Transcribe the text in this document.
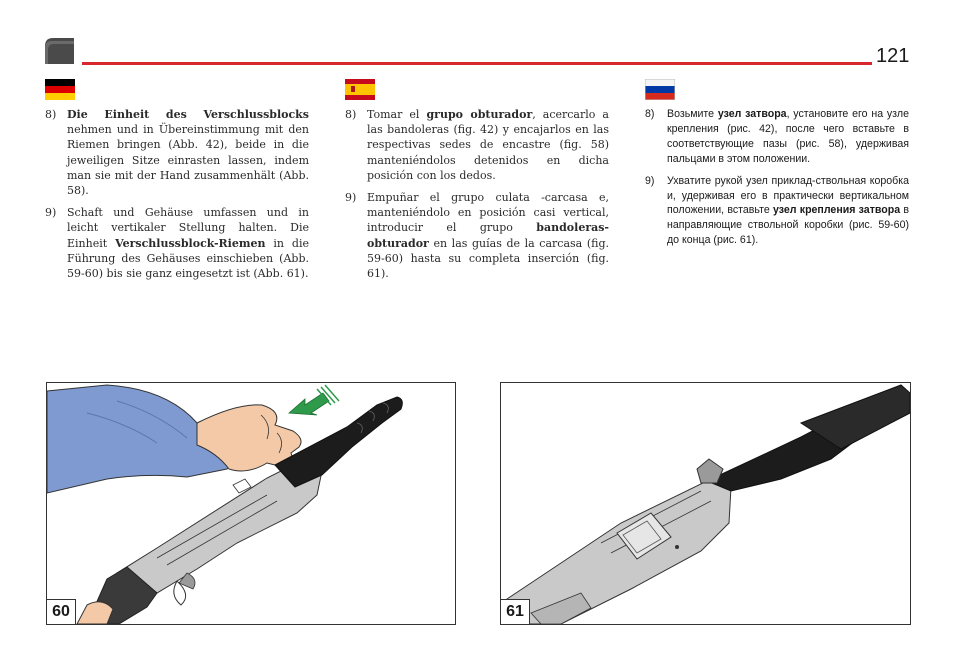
121
8) Die Einheit des Verschlussblocks nehmen und in Übereinstimmung mit den Riemen bringen (Abb. 42), beide in die jeweiligen Sitze einrasten lassen, indem man sie mit der Hand zusammenhält (Abb. 58).
9) Schaft und Gehäuse umfassen und in leicht vertikaler Stellung halten. Die Einheit Verschlussblock-Riemen in die Führung des Gehäuses einschieben (Abb. 59-60) bis sie ganz eingesetzt ist (Abb. 61).
8) Tomar el grupo obturador, acercarlo a las bandoleras (fig. 42) y encajarlos en las respectivas sedes de encastre (fig. 58) manteniéndolos detenidos en dicha posición con los dedos.
9) Empuñar el grupo culata -carcasa e, manteniéndolo en posición casi vertical, introducir el grupo bandoleras-obturador en las guías de la carcasa (fig. 59-60) hasta su completa inserción (fig. 61).
8)	Возьмите узел затвора, установите его на узле крепления (рис. 42), после чего вставьте в соответствующие пазы (рис. 58), удерживая пальцами в этом положении.
9)	Ухватите рукой узел приклад-ствольная коробка и, удерживая его в практически вертикальном положении, вставьте узел крепления затвора в направляющие ствольной коробки (рис. 59-60) до конца (рис. 61).
60	61
